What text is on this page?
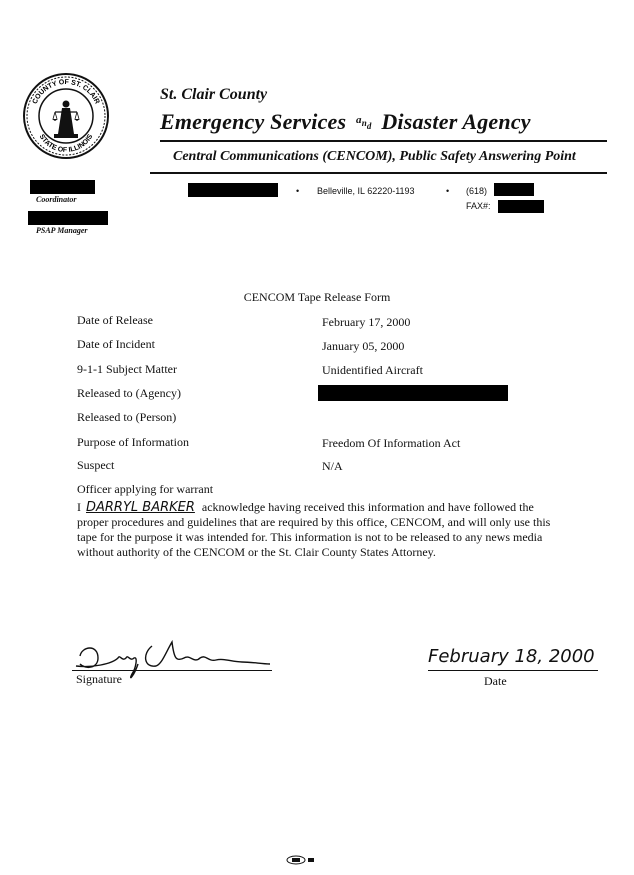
COUNTY OF ST. CLAIR
STATE OF ILLINOIS
St. Clair County
Emergency Services $^{a_{nd}}$ Disaster Agency
Central Communications (CENCOM), Public Safety Answering Point
Coordinator
PSAP Manager
• Belleville, IL 62220-1193	• (618)
FAX#:
CENCOM Tape Release Form
Date of Release	February 17, 2000
Date of Incident	January 05, 2000
9-1-1 Subject Matter	Unidentified Aircraft
Released to (Agency)
Released to (Person)
Purpose of Information	Freedom Of Information Act
Suspect	N/A
Officer applying for warrant
I DARRYL BARKER acknowledge having received this information and have followed the proper procedures and guidelines that are required by this office, CENCOM, and will only use this tape for the purpose it was intended for. This information is not to be released to any news media without authority of the CENCOM or the St. Clair County States Attorney.
Signature
February 18, 2000
Date
